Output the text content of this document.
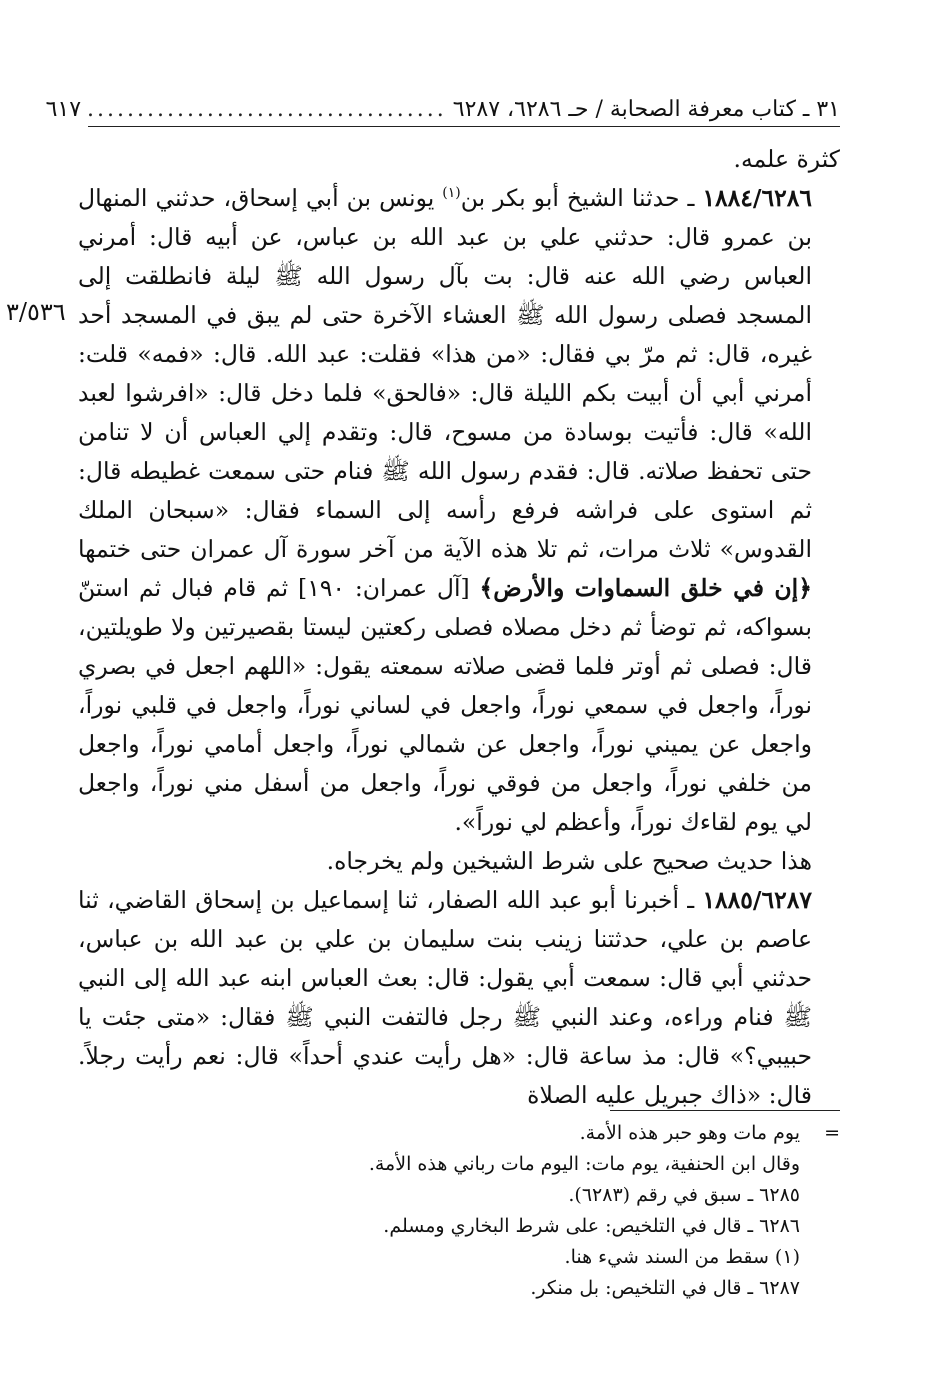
٣١ ـ كتاب معرفة الصحابة / حـ ٦٢٨٦، ٦٢٨٧
....................................
٦١٧
٣/٥٣٦

كثرة علمه.

١٨٨٤/٦٢٨٦ ـ حدثنا الشيخ أبو بكر بن$^{(١)}$ يونس بن أبي إسحاق، حدثني المنهال بن عمرو قال: حدثني علي بن عبد الله بن عباس، عن أبيه قال: أمرني العباس رضي الله عنه قال: بت بآل رسول الله ﷺ ليلة فانطلقت إلى المسجد فصلى رسول الله ﷺ العشاء الآخرة حتى لم يبق في المسجد أحد غيره، قال: ثم مرّ بي فقال: «من هذا» فقلت: عبد الله. قال: «فمه» قلت: أمرني أبي أن أبيت بكم الليلة قال: «فالحق» فلما دخل قال: «افرشوا لعبد الله» قال: فأتيت بوسادة من مسوح، قال: وتقدم إلي العباس أن لا تنامن حتى تحفظ صلاته. قال: فقدم رسول الله ﷺ فنام حتى سمعت غطيطه قال: ثم استوى على فراشه فرفع رأسه إلى السماء فقال: «سبحان الملك القدوس» ثلاث مرات، ثم تلا هذه الآية من آخر سورة آل عمران حتى ختمها ﴿إن في خلق السماوات والأرض﴾ [آل عمران: ١٩٠] ثم قام فبال ثم استنّ بسواكه، ثم توضأ ثم دخل مصلاه فصلى ركعتين ليستا بقصيرتين ولا طويلتين، قال: فصلى ثم أوتر فلما قضى صلاته سمعته يقول: «اللهم اجعل في بصري نوراً، واجعل في سمعي نوراً، واجعل في لساني نوراً، واجعل في قلبي نوراً، واجعل عن يميني نوراً، واجعل عن شمالي نوراً، واجعل أمامي نوراً، واجعل من خلفي نوراً، واجعل من فوقي نوراً، واجعل من أسفل مني نوراً، واجعل لي يوم لقاءك نوراً، وأعظم لي نوراً».

هذا حديث صحيح على شرط الشيخين ولم يخرجاه.

١٨٨٥/٦٢٨٧ ـ أخبرنا أبو عبد الله الصفار، ثنا إسماعيل بن إسحاق القاضي، ثنا عاصم بن علي، حدثتنا زينب بنت سليمان بن علي بن عبد الله بن عباس، حدثني أبي قال: سمعت أبي يقول: قال: بعث العباس ابنه عبد الله إلى النبي ﷺ فنام وراءه، وعند النبي ﷺ رجل فالتفت النبي ﷺ فقال: «متى جئت يا حبيبي؟» قال: مذ ساعة قال: «هل رأيت عندي أحداً» قال: نعم رأيت رجلاً. قال: «ذاك جبريل عليه الصلاة

=يوم مات وهو حبر هذه الأمة.

وقال ابن الحنفية، يوم مات: اليوم مات رباني هذه الأمة.

٦٢٨٥ ـ سبق في رقم (٦٢٨٣).

٦٢٨٦ ـ قال في التلخيص: على شرط البخاري ومسلم.

(١) سقط من السند شيء هنا.

٦٢٨٧ ـ قال في التلخيص: بل منكر.
